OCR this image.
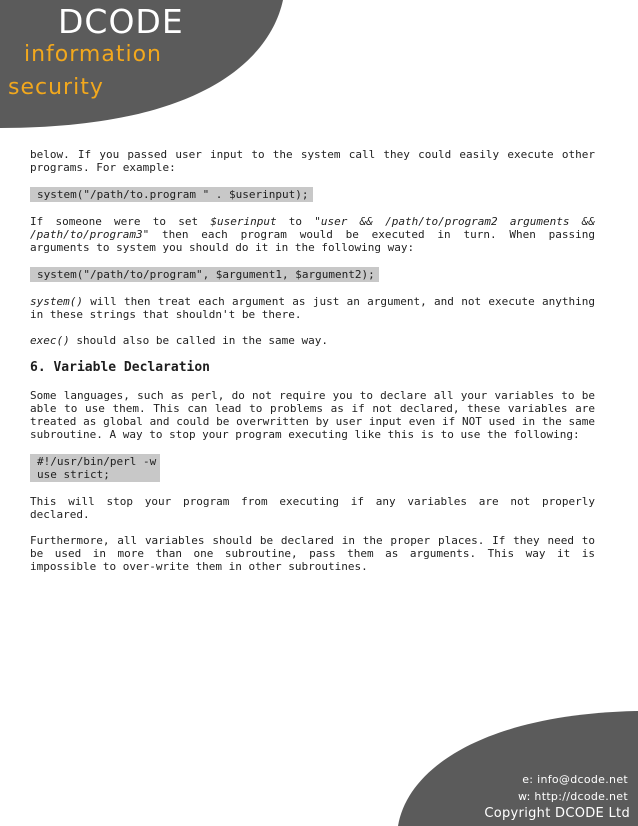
DCODE
information
security

below. If you passed user input to the system call they could easily execute other programs. For example:

system("/path/to.program " . $userinput);

If someone were to set $userinput to "user && /path/to/program2 arguments && /path/to/program3" then each program would be executed in turn. When passing arguments to system you should do it in the following way:

system("/path/to/program", $argument1, $argument2);

system() will then treat each argument as just an argument, and not execute anything in these strings that shouldn't be there.

exec() should also be called in the same way.

6. Variable Declaration

Some languages, such as perl, do not require you to declare all your variables to be able to use them. This can lead to problems as if not declared, these variables are treated as global and could be overwritten by user input even if NOT used in the same subroutine. A way to stop your program executing like this is to use the following:

#!/usr/bin/perl -w
use strict;

This will stop your program from executing if any variables are not properly declared.

Furthermore, all variables should be declared in the proper places. If they need to be used in more than one subroutine, pass them as arguments. This way it is impossible to over-write them in other subroutines.

e: info@dcode.net
w: http://dcode.net
Copyright DCODE Ltd
